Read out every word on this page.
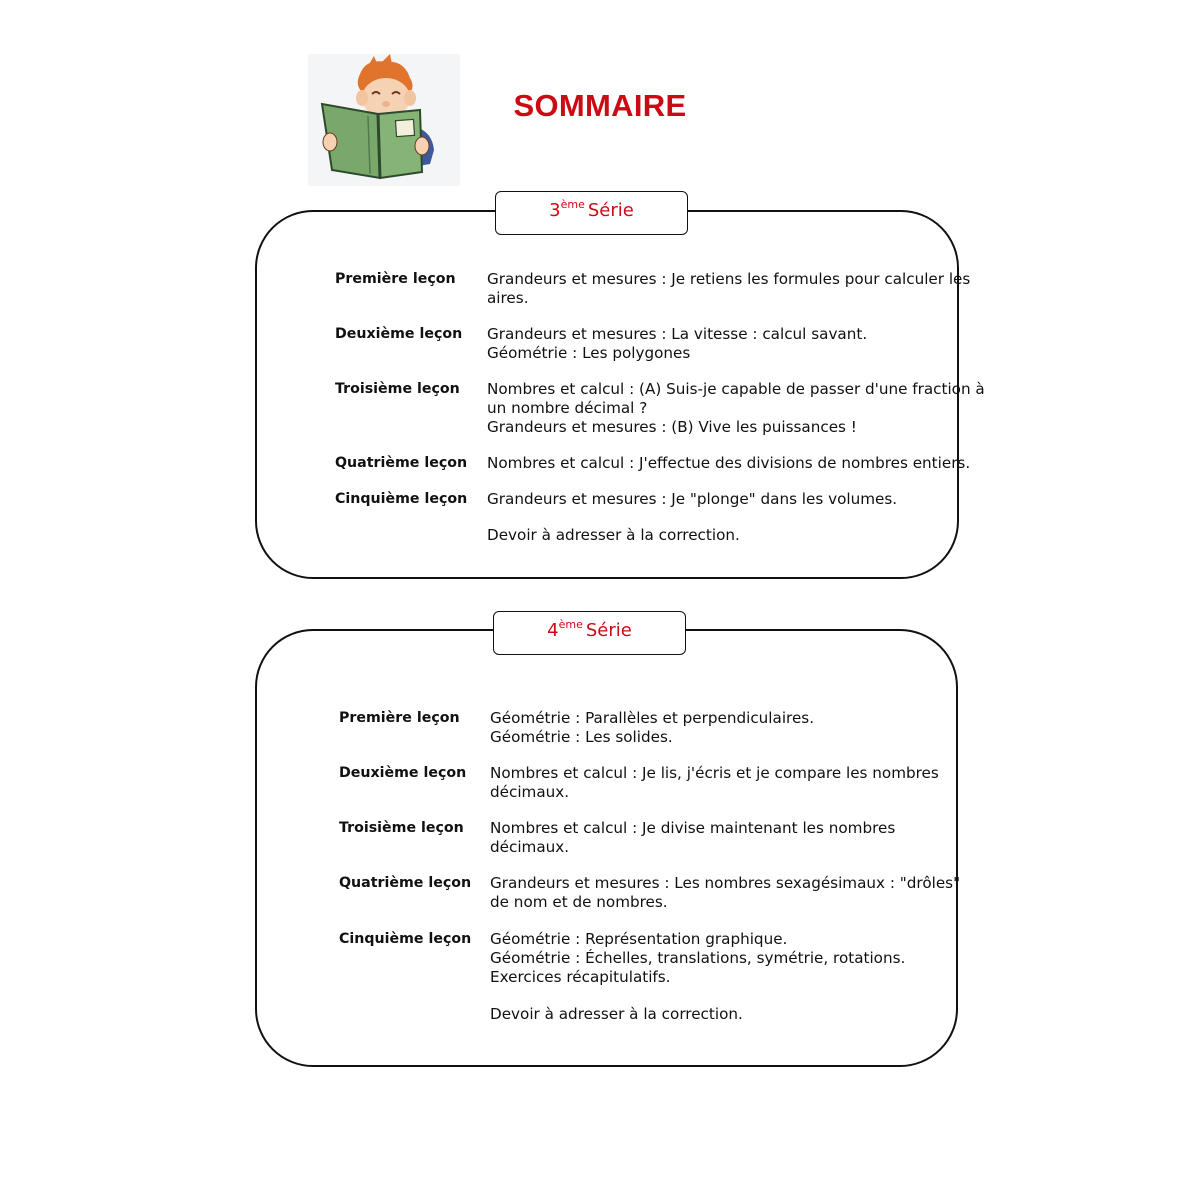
SOMMAIRE
3ème Série
Première leçon	Grandeurs et mesures : Je retiens les formules pour calculer les
aires.
Deuxième leçon	Grandeurs et mesures : La vitesse : calcul savant.
Géométrie : Les polygones
Troisième leçon	Nombres et calcul : (A) Suis-je capable de passer d'une fraction à
un nombre décimal ?
Grandeurs et mesures : (B) Vive les puissances !
Quatrième leçon	Nombres et calcul : J'effectue des divisions de nombres entiers.
Cinquième leçon	Grandeurs et mesures : Je "plonge" dans les volumes.
Devoir à adresser à la correction.
4ème Série
Première leçon	Géométrie : Parallèles et perpendiculaires.
Géométrie : Les solides.
Deuxième leçon	Nombres et calcul : Je lis, j'écris et je compare les nombres
décimaux.
Troisième leçon	Nombres et calcul : Je divise maintenant les nombres
décimaux.
Quatrième leçon	Grandeurs et mesures : Les nombres sexagésimaux : "drôles"
de nom et de nombres.
Cinquième leçon	Géométrie : Représentation graphique.
Géométrie : Échelles, translations, symétrie, rotations.
Exercices récapitulatifs.
Devoir à adresser à la correction.
